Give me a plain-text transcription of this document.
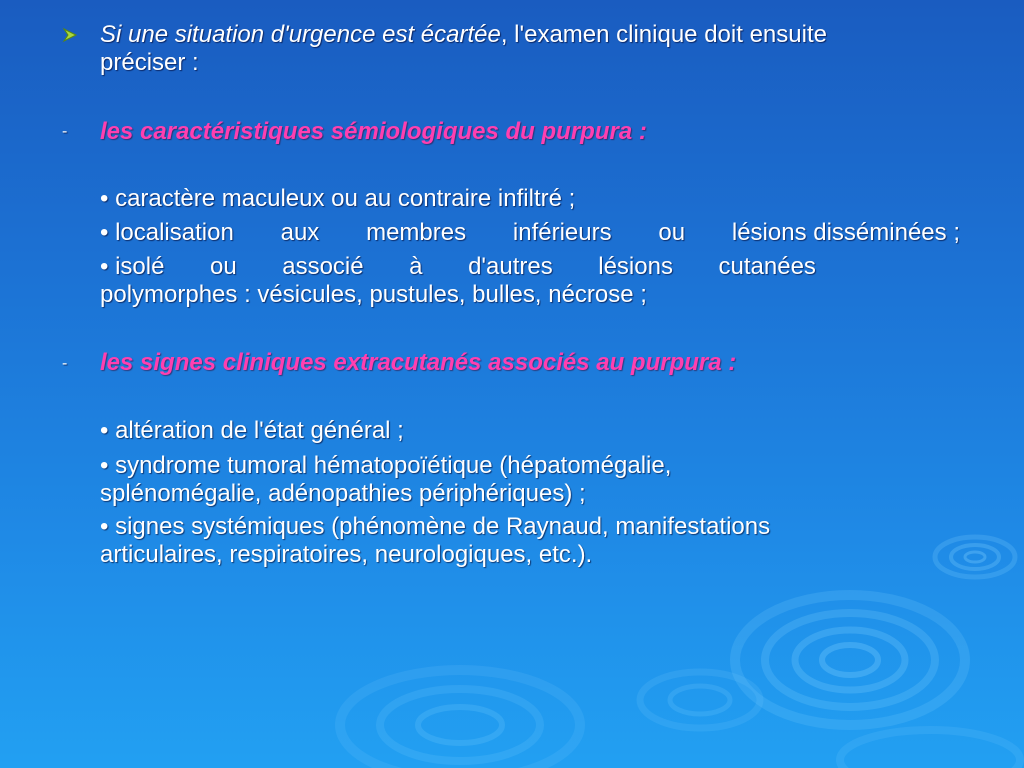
Si une situation d'urgence est écartée, l'examen clinique doit ensuite
préciser :
- les caractéristiques sémiologiques du purpura :
• caractère maculeux ou au contraire infiltré ;
• localisation aux membres inférieurs ou lésions disséminées ;
• isolé ou associé à d'autres lésions cutanées
polymorphes : vésicules, pustules, bulles, nécrose ;
- les signes cliniques extracutanés associés au purpura :
• altération de l'état général ;
• syndrome tumoral hématopoïétique (hépatomégalie,
splénomégalie, adénopathies périphériques) ;
• signes systémiques (phénomène de Raynaud, manifestations
articulaires, respiratoires, neurologiques, etc.).
